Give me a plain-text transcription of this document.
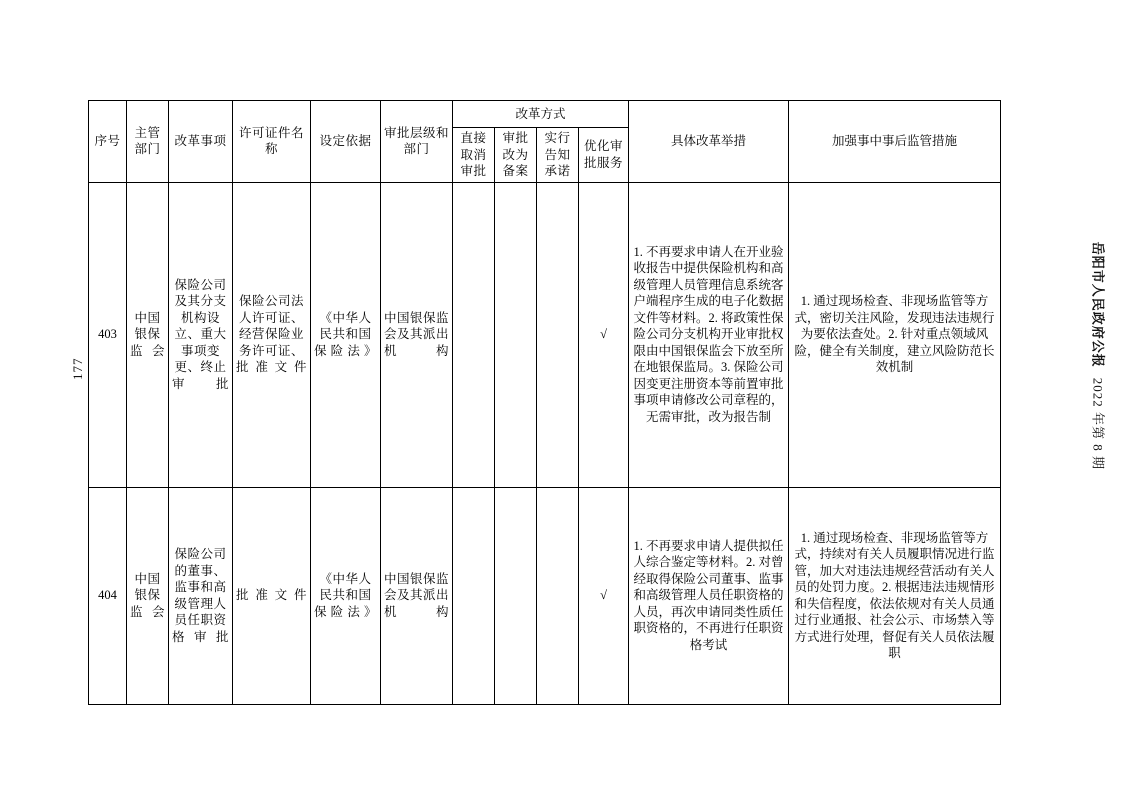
177
岳阳市人民政府公报2022 年第 8 期
序号	主管部门	改革事项	许可证件名称	设定依据	审批层级和部门	改革方式				具体改革举措	加强事中事后监管措施
						直接取消审批	审批改为备案	实行告知承诺	优化审批服务		
403	中国银保监会	保险公司及其分支机构设立、重大事项变更、终止审批	保险公司法人许可证、经营保险业务许可证、批准文件	《中华人民共和国保险法》	中国银保监会及其派出机构				√	1. 不再要求申请人在开业验收报告中提供保险机构和高级管理人员管理信息系统客户端程序生成的电子化数据文件等材料。2. 将政策性保险公司分支机构开业审批权限由中国银保监会下放至所在地银保监局。3. 保险公司因变更注册资本等前置审批事项申请修改公司章程的，无需审批，改为报告制	1. 通过现场检查、非现场监管等方式，密切关注风险，发现违法违规行为要依法查处。2. 针对重点领域风险，健全有关制度，建立风险防范长效机制
404	中国银保监会	保险公司的董事、监事和高级管理人员任职资格审批	批准文件	《中华人民共和国保险法》	中国银保监会及其派出机构				√	1. 不再要求申请人提供拟任人综合鉴定等材料。2. 对曾经取得保险公司董事、监事和高级管理人员任职资格的人员，再次申请同类性质任职资格的，不再进行任职资格考试	1. 通过现场检查、非现场监管等方式，持续对有关人员履职情况进行监管，加大对违法违规经营活动有关人员的处罚力度。2. 根据违法违规情形和失信程度，依法依规对有关人员通过行业通报、社会公示、市场禁入等方式进行处理，督促有关人员依法履职
